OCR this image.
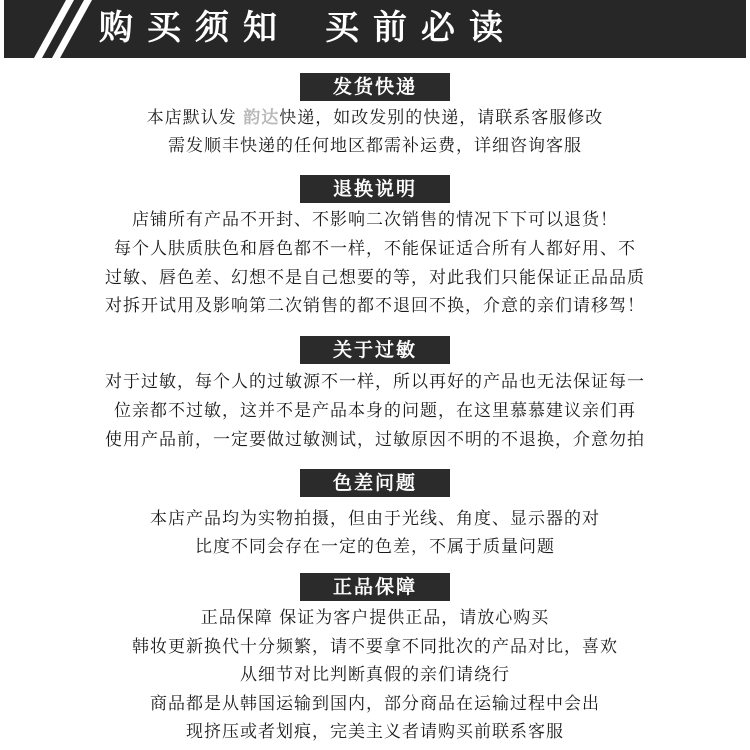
购买须知 买前必读
发货快递
本店默认发 韵达快递，如改发别的快递，请联系客服修改
需发顺丰快递的任何地区都需补运费，详细咨询客服
退换说明
店铺所有产品不开封、不影响二次销售的情况下下可以退货！
每个人肤质肤色和唇色都不一样，不能保证适合所有人都好用、不
过敏、唇色差、幻想不是自己想要的等，对此我们只能保证正品品质
对拆开试用及影响第二次销售的都不退回不换，介意的亲们请移驾！
关于过敏
对于过敏，每个人的过敏源不一样，所以再好的产品也无法保证每一
位亲都不过敏，这并不是产品本身的问题，在这里慕慕建议亲们再
使用产品前，一定要做过敏测试，过敏原因不明的不退换，介意勿拍
色差问题
本店产品均为实物拍摄，但由于光线、角度、显示器的对
比度不同会存在一定的色差，不属于质量问题
正品保障
正品保障 保证为客户提供正品，请放心购买
韩妆更新换代十分频繁，请不要拿不同批次的产品对比，喜欢
从细节对比判断真假的亲们请绕行
商品都是从韩国运输到国内，部分商品在运输过程中会出
现挤压或者划痕，完美主义者请购买前联系客服
